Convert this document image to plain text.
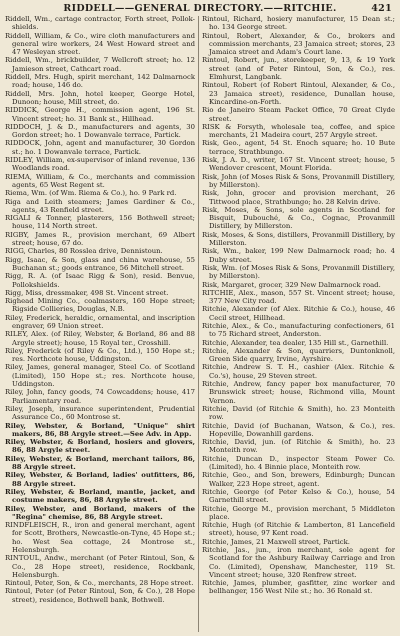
RIDDELL——GENERAL DIRECTORY.——RITCHIE.	421

Riddell, Wm., cartage contractor, Forth street, Pollok-shields.

Riddell, William, & Co., wire cloth manufacturers and general wire workers, 24 West Howard street and 47 Wesleyan street.

Riddell, Wm., brickbuilder, 7 Wellcroft street; ho. 12 Jamieson street, Cathcart road.

Riddell, Mrs. Hugh, spirit merchant, 142 Dalmarnock road; house, 146 do.

Riddell, Mrs. John, hotel keeper, George Hotel, Dunoon; house, Mill street, do.

RIDDICK, George H., commission agent, 196 St. Vincent street; ho. 31 Bank st., Hillhead.

RIDDOCH, J. & D., manufacturers and agents, 30 Gordon street; ho. 1 Dowanvale terrace, Partick.

RIDDOCK, John, agent and manufacturer, 30 Gordon st.; ho. 1 Dowanvale terrace, Partick.

RIDLEY, William, ex-supervisor of inland revenue, 136 Woodlands road.

RIEMA, William, & Co., merchants and commission agents, 65 West Regent st.

Riema, Wm. (of Wm. Riema & Co.), ho. 9 Park rd.

Riga and Leith steamers; James Gardiner & Co., agents, 43 Renfield street.

RIGALI & Tonner, plasterers, 156 Bothwell street; house, 114 North street.

RIGBY, James R., provision merchant, 69 Albert street; house, 67 do.

RIGG, Charles, 80 Rosslea drive, Dennistoun.

Rigg, Isaac, & Son, glass and china warehouse, 55 Buchanan st.; goods entrance, 56 Mitchell street.

Rigg, R. A. (of Isaac Rigg & Son), resid. Benvue, Pollokshields.

Rigg, Miss, dressmaker, 498 St. Vincent street.

Righead Mining Co., coalmasters, 160 Hope street; Rigside Collieries, Douglas, N.B.

Riley, Frederick, heraldic, ornamental, and inscription engraver, 69 Union street.

RILEY, Alex. (of Riley, Webster, & Borland, 86 and 88 Argyle street); house, 15 Royal ter., Crosshill.

Riley, Frederick (of Riley & Co., Ltd.), 150 Hope st.; res. Northcote house, Uddingston.

Riley, James, general manager, Steel Co. of Scotland (Limited), 150 Hope st.; res. Northcote house, Uddingston.

Riley, John, fancy goods, 74 Cowcaddens; house, 417 Parliamentary road.

Riley, Joseph, insurance superintendent, Prudential Assurance Co., 60 Montrose st.

Riley, Webster, & Borland, "Unique" shirt makers, 86, 88 Argyle street.—See Adv. in App.

Riley, Webster, & Borland, hosiers and glovers, 86, 88 Argyle street.

Riley, Webster, & Borland, merchant tailors, 86, 88 Argyle street.

Riley, Webster, & Borland, ladies' outfitters, 86, 88 Argyle street.

Riley, Webster, & Borland, mantle, jacket, and costume makers, 86, 88 Argyle street.

Riley, Webster, and Borland, makers of the "Regina" chemise, 86, 88 Argyle street.

RINDFLEISCH, R., iron and general merchant, agent for Scott, Brothers, Newcastle-on-Tyne, 45 Hope st.; ho. West Sea cottage, 24 Montrose st., Helensburgh.

RINTOUL, Andw., merchant (of Peter Rintoul, Son, & Co., 28 Hope street), residence, Rockbank, Helensburgh.

Rintoul, Peter, Son, & Co., merchants, 28 Hope street.

Rintoul, Peter (of Peter Rintoul, Son, & Co.), 28 Hope street), residence, Bothwell bank, Bothwell.

Rintoul, Richard, hosiery manufacturer, 15 Dean st.; ho. 134 George street.

Rintoul, Robert, Alexander, & Co., brokers and commission merchants, 23 Jamaica street; stores, 23 Jamaica street and Adam's Court lane.

Rintoul, Robert, jun., storekeeper, 9, 13, & 19 York street (and of Peter Rintoul, Son, & Co.), res. Elmhurst, Langbank.

Rintoul, Robert (of Robert Rintoul, Alexander, & Co., 23 Jamaica street), residence, Dunallan house, Kincardine-on-Forth.

Rio de Janeiro Steam Packet Office, 70 Great Clyde street.

RISK & Forsyth, wholesale tea, coffee, and spice merchants, 21 Madeira court, 257 Argyle street.

Risk, Geo., agent, 54 St. Enoch square; ho. 10 Bute terrace, Strathbungo.

Risk, J. A. D., writer, 167 St. Vincent street; house, 5 Wendover crescent, Mount Florida.

Risk, John (of Moses Risk & Sons, Provanmill Distillery, by Millerston).

Risk, John, grocer and provision merchant, 26 Tittwood place, Strathbungo; ho. 28 Kelvin drive.

Risk, Moses, & Sons, sole agents in Scotland for Bisquit, Dubouché, & Co., Cognac, Provanmill Distillery, by Millerston.

Risk, Moses, & Sons, distillers, Provanmill Distillery, by Millerston.

Risk, Wm., baker, 199 New Dalmarnock road; ho. 4 Duby street.

Risk, Wm. (of Moses Risk & Sons, Provanmill Distillery, by Millerston).

Risk, Margaret, grocer, 329 New Dalmarnock road.

RITCHIE, Alex., mason, 557 St. Vincent street; house, 377 New City road.

Ritchie, Alexander (of Alex. Ritchie & Co.), house, 46 Cecil street, Hillhead.

Ritchie, Alex., & Co., manufacturing confectioners, 61 to 75 Richard street, Anderston.

Ritchie, Alexander, tea dealer, 135 Hill st., Garnethill.

Ritchie, Alexander & Son, quarriers, Duntonknoll, Green Side quarry, Irvine, Ayrshire.

Ritchie, Andrew S. T. H., cashier (Alex. Ritchie & Co.'s), house, 29 Steven street.

Ritchie, Andrew, fancy paper box manufacturer, 70 Brunswick street; house, Richmond villa, Mount Vernon.

Ritchie, David (of Ritchie & Smith), ho. 23 Monteith row.

Ritchie, David (of Buchanan, Watson, & Co.), res. Hopeville, Dowanhill gardens.

Ritchie, David, jun. (of Ritchie & Smith), ho. 23 Monteith row.

Ritchie, Duncan D., inspector Steam Power Co. (Limited), ho. 4 Binnie place, Monteith row.

Ritchie, Geo., and Son, brewers, Edinburgh; Duncan Walker, 223 Hope street, agent.

Ritchie, George (of Peter Kelso & Co.), house, 54 Garnethill street.

Ritchie, George M., provision merchant, 5 Middleton place.

Ritchie, Hugh (of Ritchie & Lamberton, 81 Lancefield street), house, 97 Kent road.

Ritchie, James, 21 Maxwell street, Partick.

Ritchie, Jas., jun., iron merchant, sole agent for Scotland for the Ashbury Railway Carriage and Iron Co. (Limited), Openshaw, Manchester, 119 St. Vincent street; house, 320 Renfrew street.

Ritchie, James, plumber, gasfitter, zinc worker and bellhanger, 156 West Nile st.; ho. 36 Ronald st.
